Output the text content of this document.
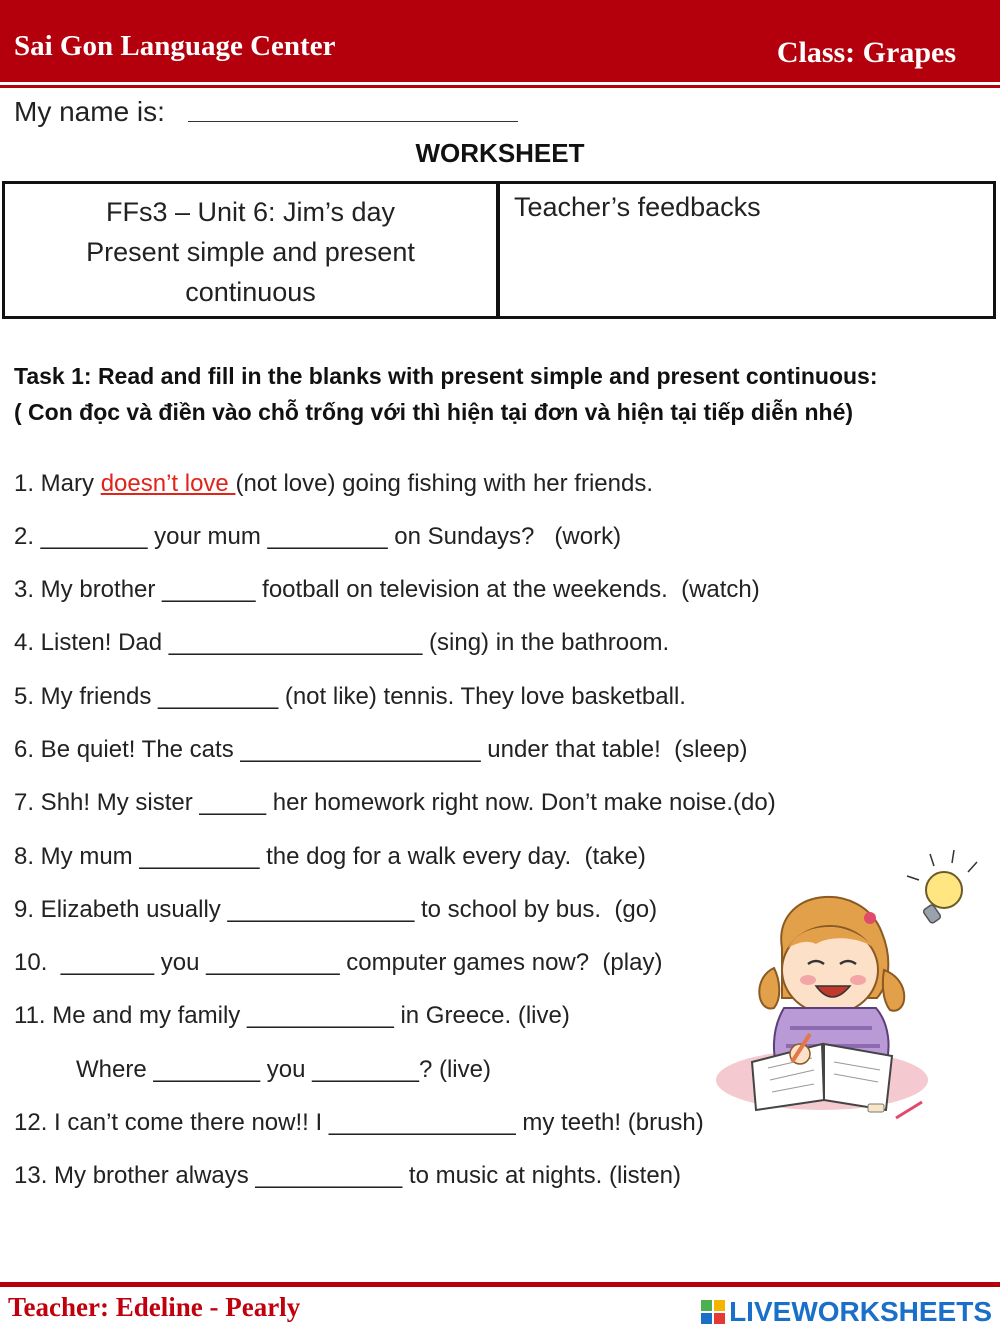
Sai Gon Language Center	Class: Grapes
My name is:
WORKSHEET
FFs3 – Unit 6: Jim’s day
Present simple and present
continuous
Teacher’s feedbacks
Task 1: Read and fill in the blanks with present simple and present continuous:
( Con đọc và điền vào chỗ trống với thì hiện tại đơn và hiện tại tiếp diễn nhé)
1. Mary doesn’t love (not love) going fishing with her friends.
2. ________ your mum _________ on Sundays?   (work)
3. My brother _______ football on television at the weekends.  (watch)
4. Listen! Dad ___________________ (sing) in the bathroom.
5. My friends _________ (not like) tennis. They love basketball.
6. Be quiet! The cats __________________ under that table!  (sleep)
7. Shh! My sister _____ her homework right now. Don’t make noise.(do)
8. My mum _________ the dog for a walk every day.  (take)
9. Elizabeth usually ______________ to school by bus.  (go)
10.  _______ you __________ computer games now?  (play)
11. Me and my family ___________ in Greece. (live)
Where ________ you ________? (live)
12. I can’t come there now!! I ______________ my teeth! (brush)
13. My brother always ___________ to music at nights. (listen)
Teacher: Edeline - Pearly	LIVEWORKSHEETS
